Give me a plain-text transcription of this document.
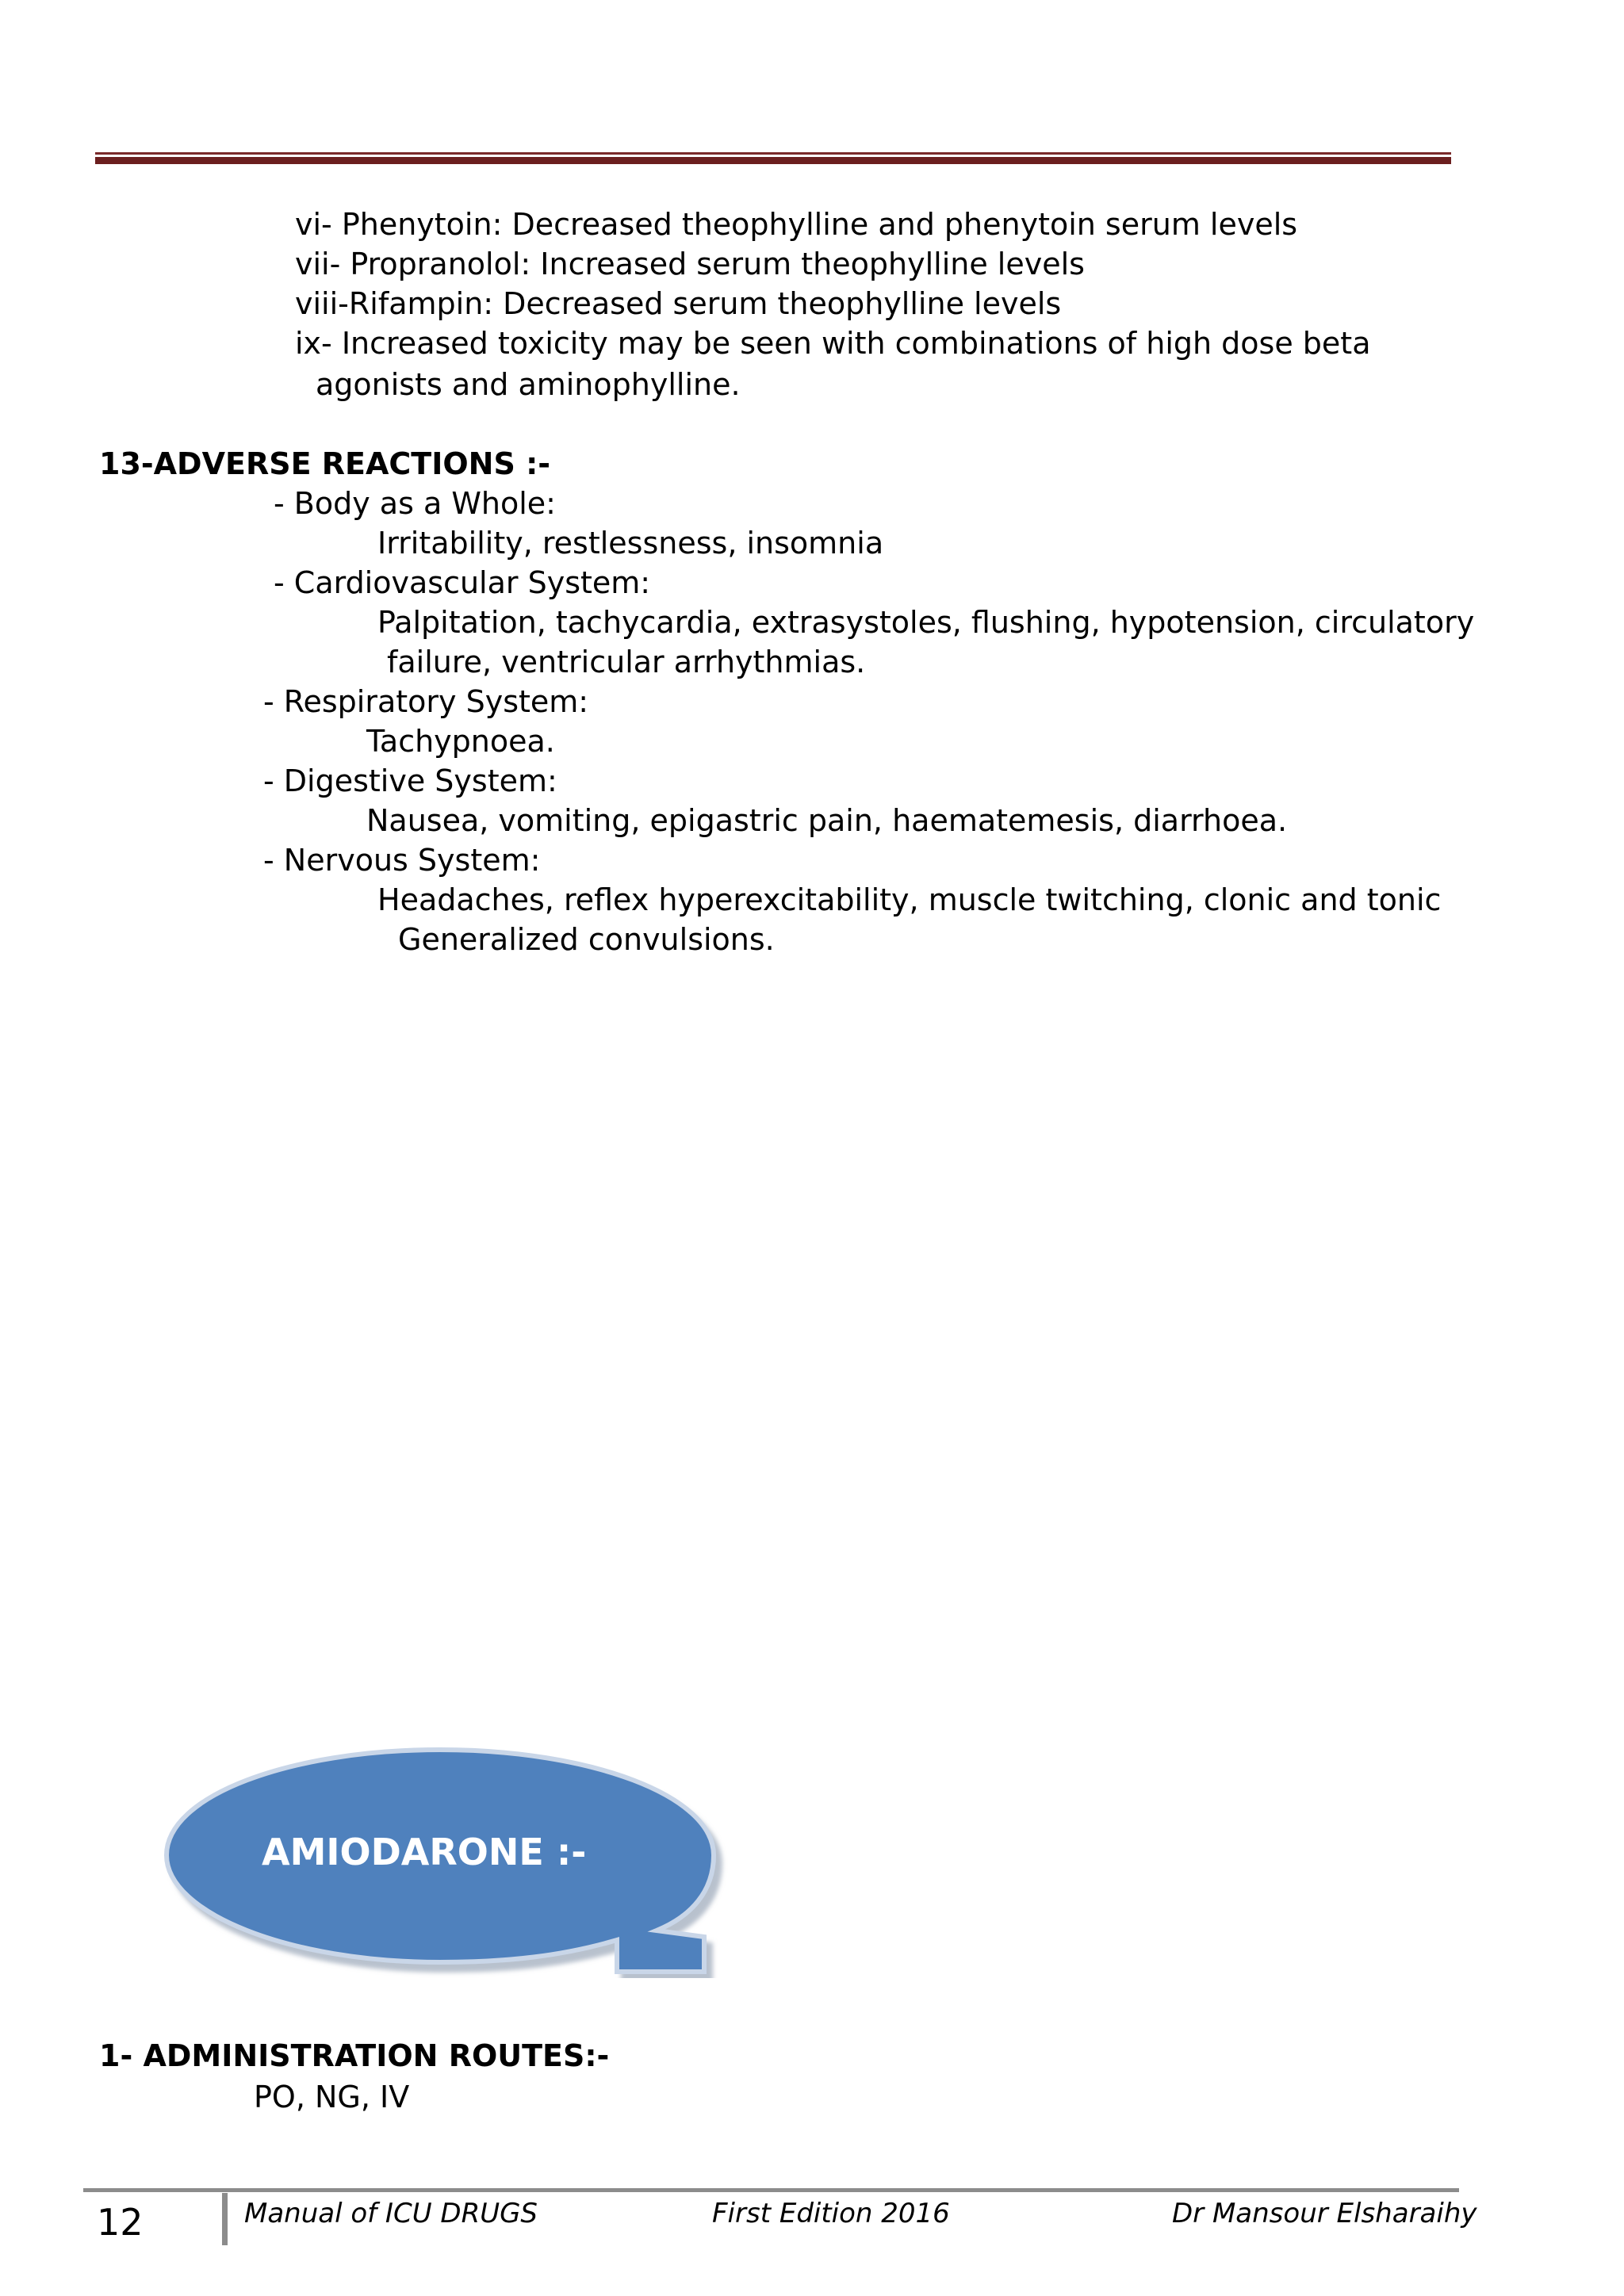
vi- Phenytoin: Decreased theophylline and phenytoin serum levels

vii- Propranolol: Increased serum theophylline levels

viii-Rifampin: Decreased serum theophylline levels

ix- Increased toxicity may be seen with combinations of high dose beta

agonists and aminophylline.

13-ADVERSE REACTIONS :-

- Body as a Whole:

Irritability, restlessness, insomnia

- Cardiovascular System:

Palpitation, tachycardia, extrasystoles, flushing, hypotension, circulatory

failure, ventricular arrhythmias.

- Respiratory System:

Tachypnoea.

- Digestive System:

Nausea, vomiting, epigastric pain, haematemesis, diarrhoea.

- Nervous System:

Headaches, reflex hyperexcitability, muscle twitching, clonic and tonic

Generalized convulsions.

AMIODARONE :-

1- ADMINISTRATION ROUTES:-

PO, NG, IV

12	Manual of ICU DRUGS	First Edition 2016	Dr Mansour Elsharaihy
